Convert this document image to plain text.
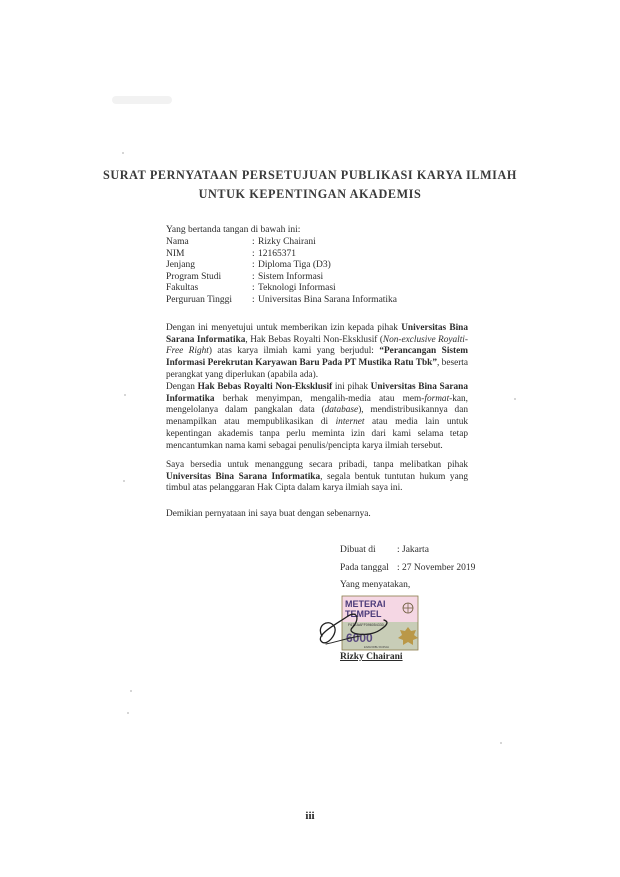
SURAT PERNYATAAN PERSETUJUAN PUBLIKASI KARYA ILMIAH
UNTUK KEPENTINGAN AKADEMIS
Yang bertanda tangan di bawah ini:
Nama	: Rizky Chairani
NIM	: 12165371
Jenjang	: Diploma Tiga (D3)
Program Studi	: Sistem Informasi
Fakultas	: Teknologi Informasi
Perguruan Tinggi	: Universitas Bina Sarana Informatika
Dengan ini menyetujui untuk memberikan izin kepada pihak Universitas Bina Sarana Informatika, Hak Bebas Royalti Non-Eksklusif (Non-exclusive Royalti-Free Right) atas karya ilmiah kami yang berjudul: “Perancangan Sistem Informasi Perekrutan Karyawan Baru Pada PT Mustika Ratu Tbk”, beserta perangkat yang diperlukan (apabila ada).
Dengan Hak Bebas Royalti Non-Eksklusif ini pihak Universitas Bina Sarana Informatika berhak menyimpan, mengalih-media atau mem-format-kan, mengelolanya dalam pangkalan data (database), mendistribusikannya dan menampilkan atau mempublikasikan di internet atau media lain untuk kepentingan akademis tanpa perlu meminta izin dari kami selama tetap mencantumkan nama kami sebagai penulis/pencipta karya ilmiah tersebut.
Saya bersedia untuk menanggung secara pribadi, tanpa melibatkan pihak Universitas Bina Sarana Informatika, segala bentuk tuntutan hukum yang timbul atas pelanggaran Hak Cipta dalam karya ilmiah saya ini.
Demikian pernyataan ini saya buat dengan sebenarnya.
Dibuat di : Jakarta
Pada tanggal : 27 November 2019
Yang menyatakan,
METERAI
TEMPEL
F67EAAFF096054330
6000
ENAM RIBU RUPIAH
Rizky Chairani
iii
